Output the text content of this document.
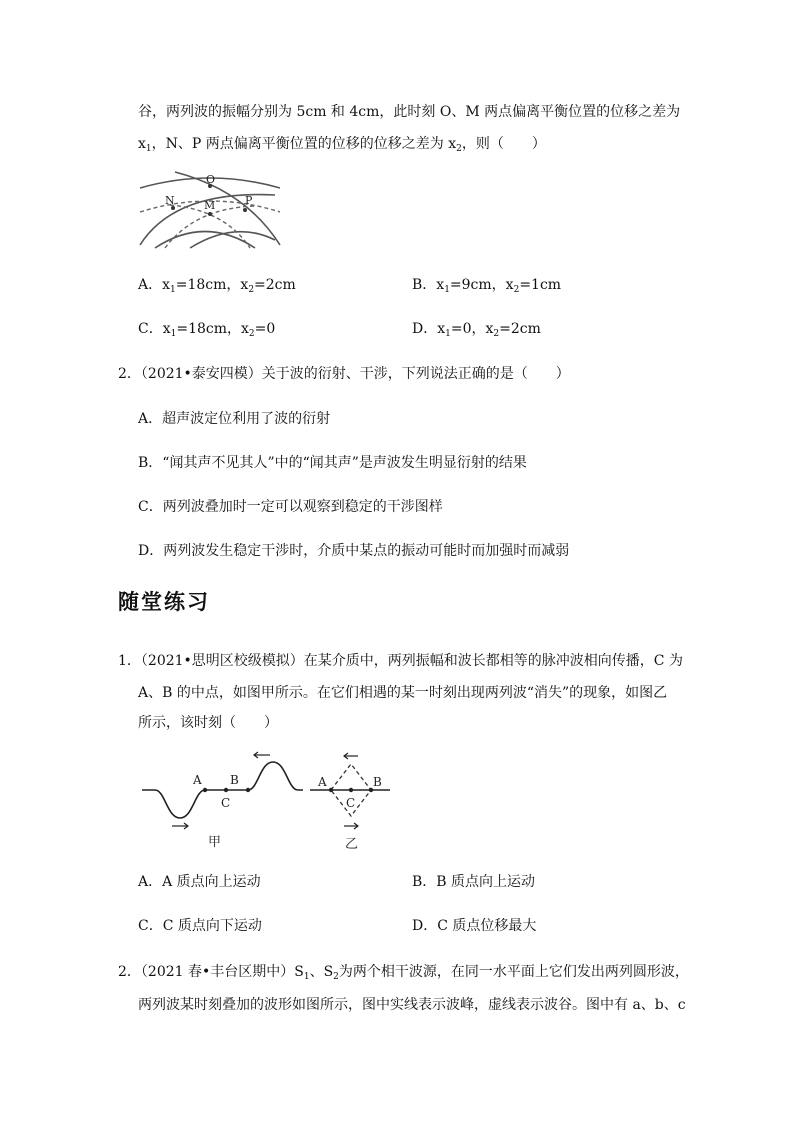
谷，两列波的振幅分别为 5cm 和 4cm，此时刻 O、M 两点偏离平衡位置的位移之差为
$x_1$，N、P 两点偏离平衡位置的位移的位移之差为 $x_2$，则（　　）
O
N	M	P
A．$x_1=18cm$，$x_2=2cm$	B．$x_1=9cm$，$x_2=1cm$
C．$x_1=18cm$，$x_2=0$	D．$x_1=0$，$x_2=2cm$
2．（2021•泰安四模）关于波的衍射、干涉，下列说法正确的是（　　）
A．超声波定位利用了波的衍射
B．“闻其声不见其人”中的“闻其声”是声波发生明显衍射的结果
C．两列波叠加时一定可以观察到稳定的干涉图样
D．两列波发生稳定干涉时，介质中某点的振动可能时而加强时而减弱
随堂练习
1．（2021•思明区校级模拟）在某介质中，两列振幅和波长都相等的脉冲波相向传播，C 为
A、B 的中点，如图甲所示。在它们相遇的某一时刻出现两列波“消失”的现象，如图乙
所示，该时刻（　　）
A B
C
甲
A	B
C
乙
A．A 质点向上运动	B．B 质点向上运动
C．C 质点向下运动	D．C 质点位移最大
2．（2021 春•丰台区期中）$S_1$、$S_2$为两个相干波源，在同一水平面上它们发出两列圆形波，
两列波某时刻叠加的波形如图所示，图中实线表示波峰，虚线表示波谷。图中有 a、b、c
